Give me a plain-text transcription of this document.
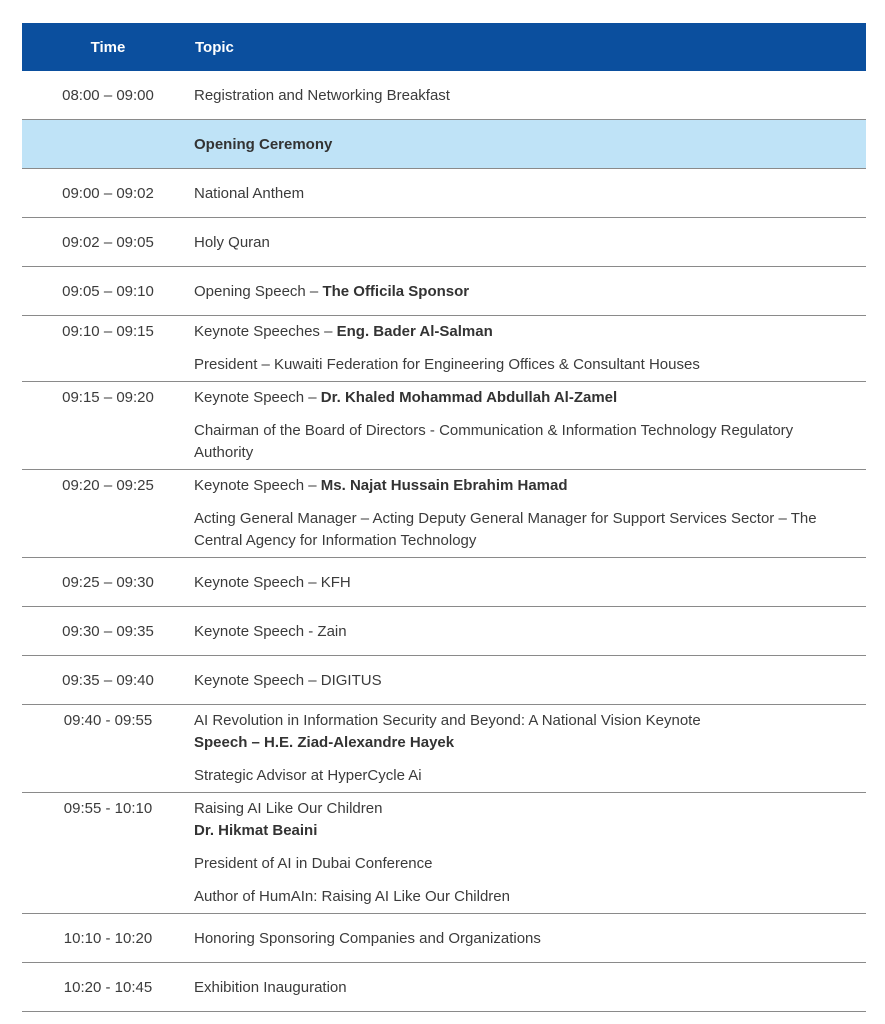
Time	Topic
08:00 – 09:00	Registration and Networking Breakfast
Opening Ceremony
09:00 – 09:02	National Anthem
09:02 – 09:05	Holy Quran
09:05 – 09:10	Opening Speech – The Officila Sponsor
09:10 – 09:15	Keynote Speeches – Eng. Bader Al-Salman
President – Kuwaiti Federation for Engineering Offices & Consultant Houses
09:15 – 09:20	Keynote Speech – Dr. Khaled Mohammad Abdullah Al-Zamel
Chairman of the Board of Directors - Communication & Information Technology Regulatory Authority
09:20 – 09:25	Keynote Speech – Ms. Najat Hussain Ebrahim Hamad
Acting General Manager – Acting Deputy General Manager for Support Services Sector – The Central Agency for Information Technology
09:25 – 09:30	Keynote Speech – KFH
09:30 – 09:35	Keynote Speech - Zain
09:35 – 09:40	Keynote Speech – DIGITUS
09:40 - 09:55	AI Revolution in Information Security and Beyond: A National Vision Keynote
Speech – H.E. Ziad-Alexandre Hayek
Strategic Advisor at HyperCycle Ai
09:55 - 10:10	Raising AI Like Our Children
Dr. Hikmat Beaini
President of AI in Dubai Conference
Author of HumAIn: Raising AI Like Our Children
10:10 - 10:20	Honoring Sponsoring Companies and Organizations
10:20 - 10:45	Exhibition Inauguration
